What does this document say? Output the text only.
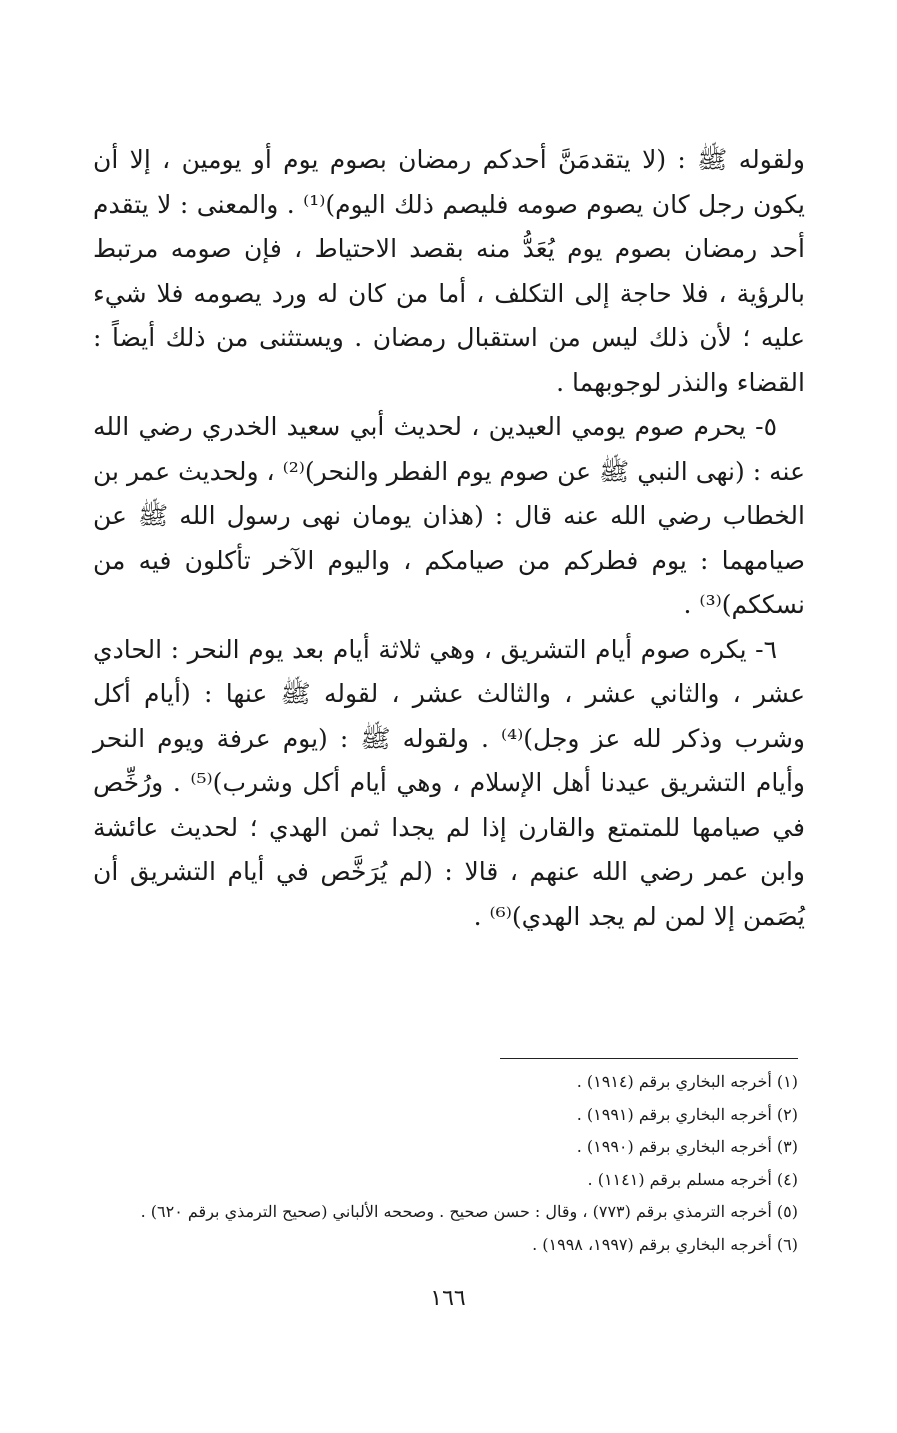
ولقوله ﷺ : (لا يتقدمَنَّ أحدكم رمضان بصوم يوم أو يومين ، إلا أن يكون رجل كان يصوم صومه فليصم ذلك اليوم)⁽¹⁾ . والمعنى : لا يتقدم أحد رمضان بصوم يوم يُعَدُّ منه بقصد الاحتياط ، فإن صومه مرتبط بالرؤية ، فلا حاجة إلى التكلف ، أما من كان له ورد يصومه فلا شيء عليه ؛ لأن ذلك ليس من استقبال رمضان . ويستثنى من ذلك أيضاً : القضاء والنذر لوجوبهما .

٥- يحرم صوم يومي العيدين ، لحديث أبي سعيد الخدري رضي الله عنه : (نهى النبي ﷺ عن صوم يوم الفطر والنحر)⁽²⁾ ، ولحديث عمر بن الخطاب رضي الله عنه قال : (هذان يومان نهى رسول الله ﷺ عن صيامهما : يوم فطركم من صيامكم ، واليوم الآخر تأكلون فيه من نسككم)⁽³⁾ .

٦- يكره صوم أيام التشريق ، وهي ثلاثة أيام بعد يوم النحر : الحادي عشر ، والثاني عشر ، والثالث عشر ، لقوله ﷺ عنها : (أيام أكل وشرب وذكر لله عز وجل)⁽⁴⁾ . ولقوله ﷺ : (يوم عرفة ويوم النحر وأيام التشريق عيدنا أهل الإسلام ، وهي أيام أكل وشرب)⁽⁵⁾ . ورُخِّص في صيامها للمتمتع والقارن إذا لم يجدا ثمن الهدي ؛ لحديث عائشة وابن عمر رضي الله عنهم ، قالا : (لم يُرَخَّص في أيام التشريق أن يُصَمن إلا لمن لم يجد الهدي)⁽⁶⁾ .

(١) أخرجه البخاري برقم (١٩١٤) .

(٢) أخرجه البخاري برقم (١٩٩١) .

(٣) أخرجه البخاري برقم (١٩٩٠) .

(٤) أخرجه مسلم برقم (١١٤١) .

(٥) أخرجه الترمذي برقم (٧٧٣) ، وقال : حسن صحيح . وصححه الألباني (صحيح الترمذي برقم ٦٢٠) .

(٦) أخرجه البخاري برقم (١٩٩٧، ١٩٩٨) .

١٦٦
